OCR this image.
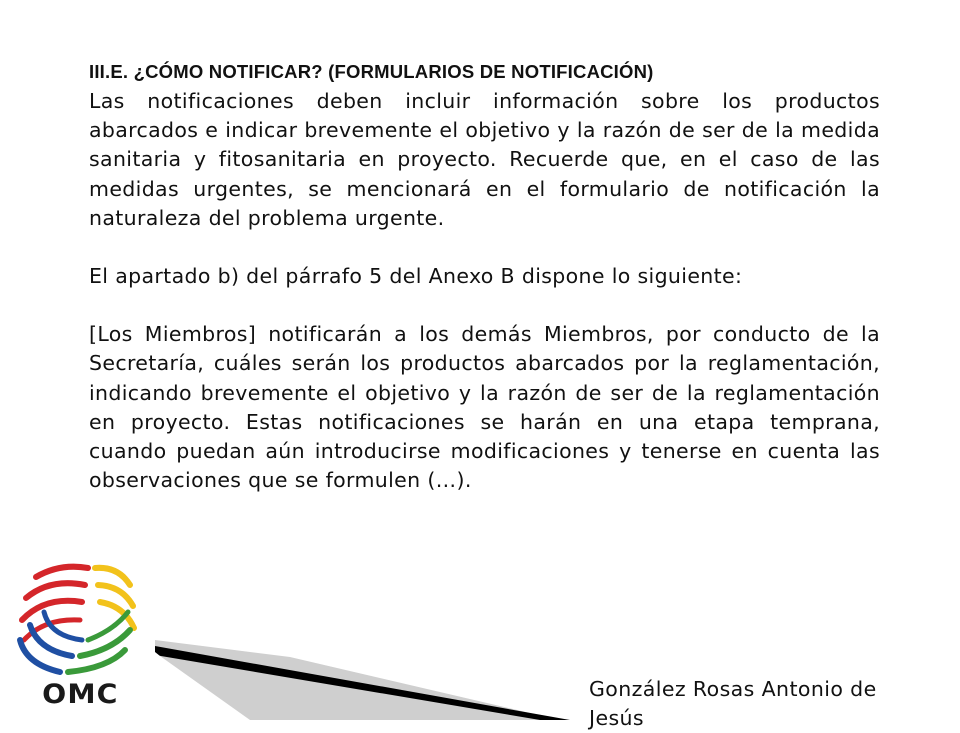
III.E. ¿CÓMO NOTIFICAR? (FORMULARIOS DE NOTIFICACIÓN)

Las notificaciones deben incluir información sobre los productos abarcados e indicar brevemente el objetivo y la razón de ser de la medida sanitaria y fitosanitaria en proyecto. Recuerde que, en el caso de las medidas urgentes, se mencionará en el formulario de notificación la naturaleza del problema urgente.

El apartado b) del párrafo 5 del Anexo B dispone lo siguiente:

[Los Miembros] notificarán a los demás Miembros, por conducto de la Secretaría, cuáles serán los productos abarcados por la reglamentación, indicando brevemente el objetivo y la razón de ser de la reglamentación en proyecto. Estas notificaciones se harán en una etapa temprana, cuando puedan aún introducirse modificaciones y tenerse en cuenta las observaciones que se formulen (…).

OMC	González Rosas Antonio de Jesús
